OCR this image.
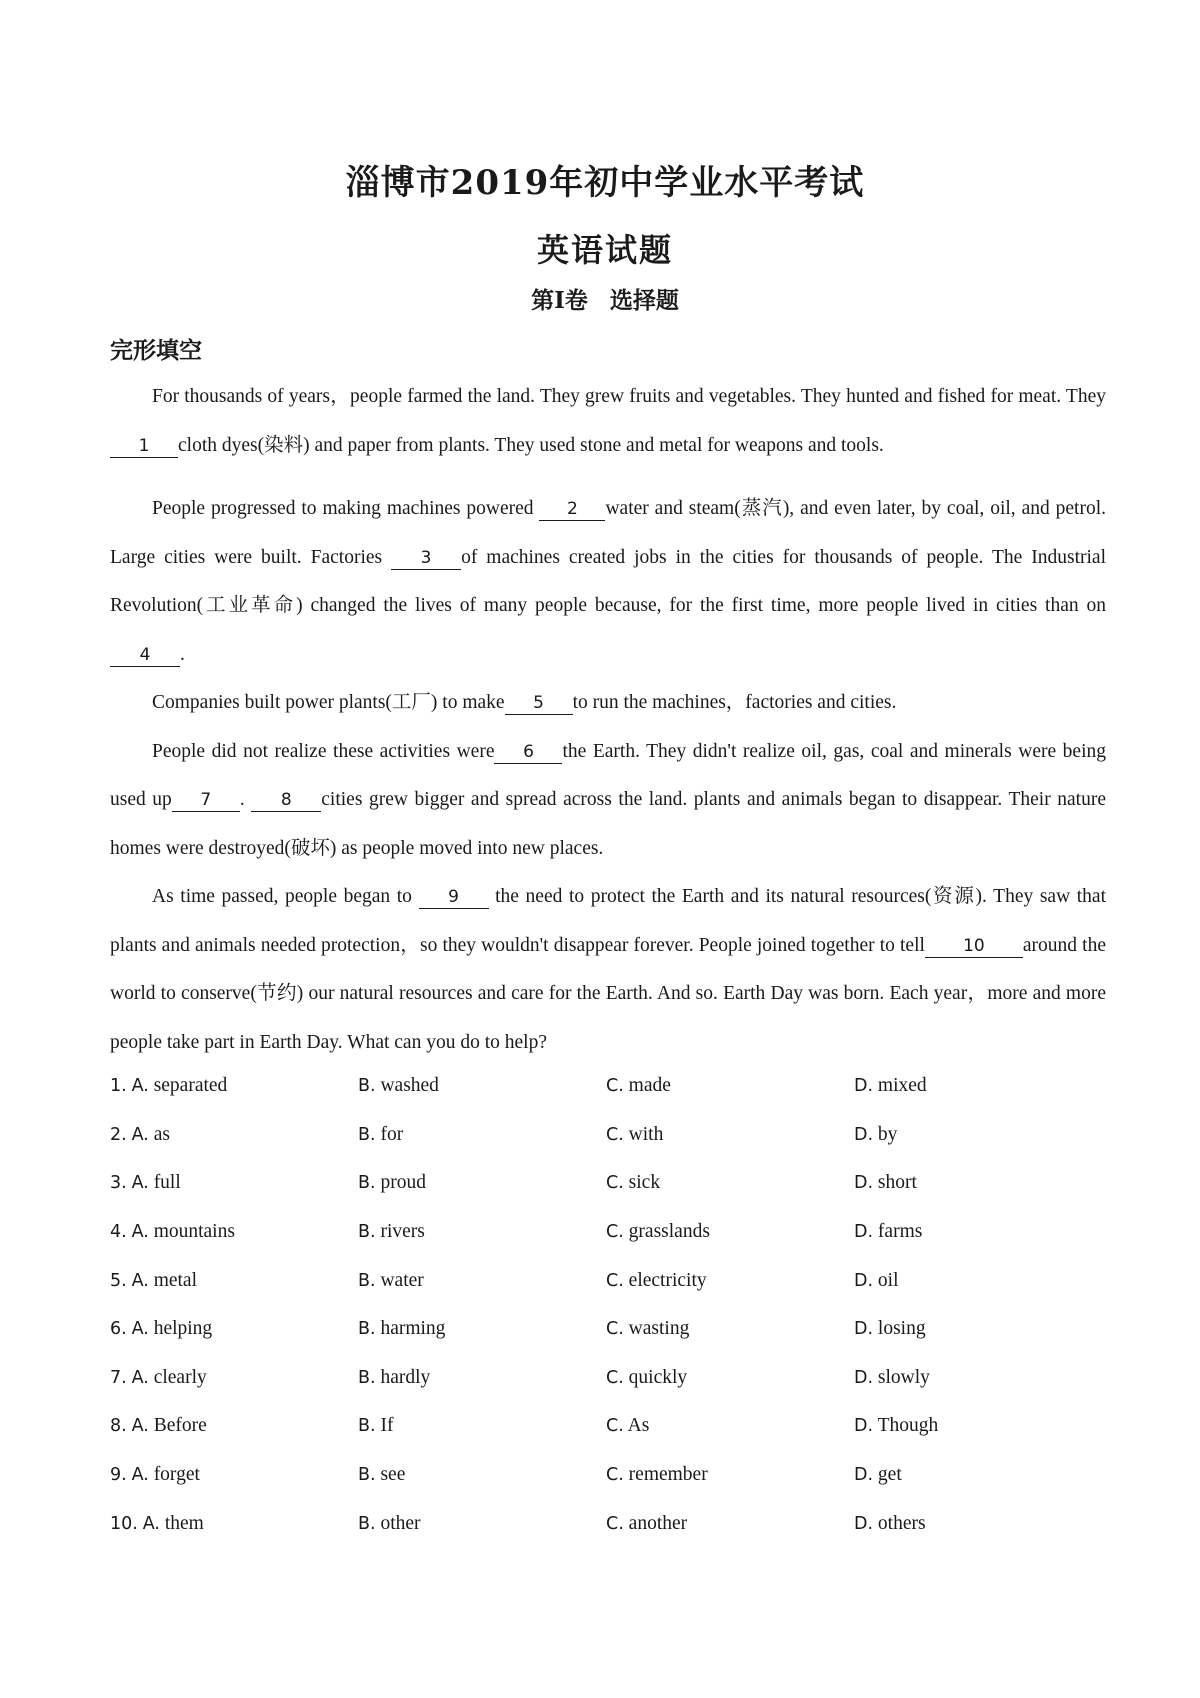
淄博市2019年初中学业水平考试
英语试题
第Ⅰ卷 选择题
完形填空

For thousands of years，people farmed the land. They grew fruits and vegetables. They hunted and fished for meat. They1 cloth dyes(染料) and paper from plants. They used stone and metal for weapons and tools.

People progressed to making machines powered 2 water and steam(蒸汽), and even later, by coal, oil, and petrol. Large cities were built. Factories 3 of machines created jobs in the cities for thousands of people. The Industrial Revolution(工业革命) changed the lives of many people because, for the first time, more people lived in cities than on 4 .

Companies built power plants(工厂) to make 5 to run the machines，factories and cities.

People did not realize these activities were 6 the Earth. They didn't realize oil, gas, coal and minerals were being used up 7 . 8 cities grew bigger and spread across the land. plants and animals began to disappear. Their nature homes were destroyed(破坏) as people moved into new places.

As time passed, people began to 9 the need to protect the Earth and its natural resources(资源). They saw that plants and animals needed protection，so they wouldn't disappear forever. People joined together to tell 10 around the world to conserve(节约) our natural resources and care for the Earth. And so. Earth Day was born. Each year，more and more people take part in Earth Day. What can you do to help?

1. A. separated	B. washed	C. made	D. mixed
2. A. as	B. for	C. with	D. by
3. A. full	B. proud	C. sick	D. short
4. A. mountains	B. rivers	C. grasslands	D. farms
5. A. metal	B. water	C. electricity	D. oil
6. A. helping	B. harming	C. wasting	D. losing
7. A. clearly	B. hardly	C. quickly	D. slowly
8. A. Before	B. If	C. As	D. Though
9. A. forget	B. see	C. remember	D. get
10. A. them	B. other	C. another	D. others
